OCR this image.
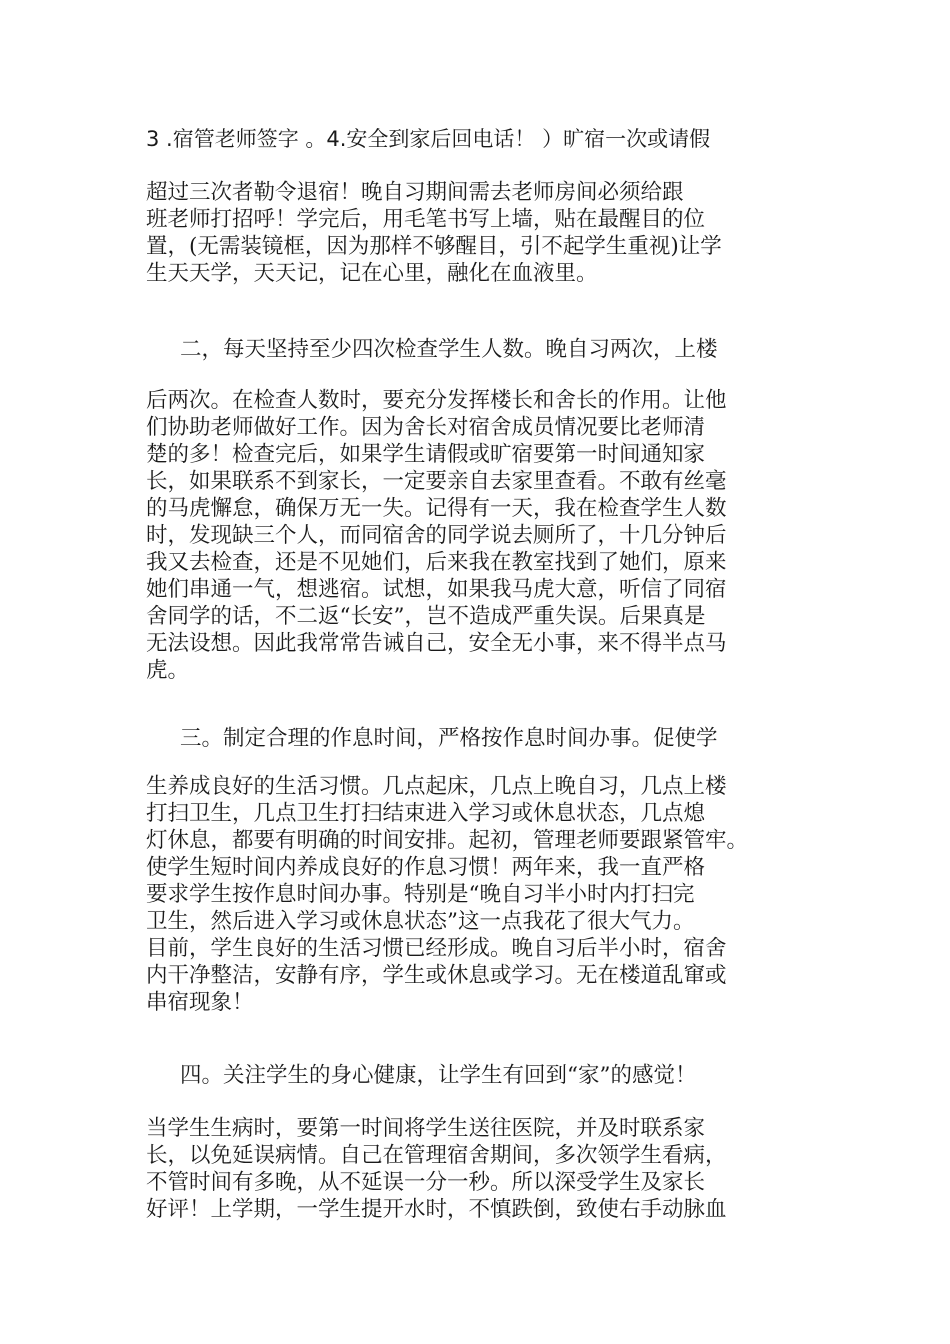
3 .宿管老师签字 。4.安全到家后回电话！ ）旷宿一次或请假

超过三次者勒令退宿！晚自习期间需去老师房间必须给跟

班老师打招呼！学完后，用毛笔书写上墙，贴在最醒目的位

置，(无需装镜框，因为那样不够醒目，引不起学生重视)让学

生天天学，天天记，记在心里，融化在血液里。

二，每天坚持至少四次检查学生人数。晚自习两次，上楼

后两次。在检查人数时，要充分发挥楼长和舍长的作用。让他

们协助老师做好工作。因为舍长对宿舍成员情况要比老师清

楚的多！检查完后，如果学生请假或旷宿要第一时间通知家

长，如果联系不到家长，一定要亲自去家里查看。不敢有丝毫

的马虎懈怠，确保万无一失。记得有一天，我在检查学生人数

时，发现缺三个人，而同宿舍的同学说去厕所了，十几分钟后

我又去检查，还是不见她们，后来我在教室找到了她们，原来

她们串通一气，想逃宿。试想，如果我马虎大意，听信了同宿

舍同学的话，不二返“长安”，岂不造成严重失误。后果真是

无法设想。因此我常常告诫自己，安全无小事，来不得半点马

虎。

三。制定合理的作息时间，严格按作息时间办事。促使学

生养成良好的生活习惯。几点起床，几点上晚自习，几点上楼

打扫卫生，几点卫生打扫结束进入学习或休息状态，几点熄

灯休息，都要有明确的时间安排。起初，管理老师要跟紧管牢。

使学生短时间内养成良好的作息习惯！两年来，我一直严格

要求学生按作息时间办事。特别是“晚自习半小时内打扫完

卫生，然后进入学习或休息状态”这一点我花了很大气力。

目前，学生良好的生活习惯已经形成。晚自习后半小时，宿舍

内干净整洁，安静有序，学生或休息或学习。无在楼道乱窜或

串宿现象！

四。关注学生的身心健康，让学生有回到“家”的感觉！

当学生生病时，要第一时间将学生送往医院，并及时联系家

长，以免延误病情。自己在管理宿舍期间，多次领学生看病，

不管时间有多晚，从不延误一分一秒。所以深受学生及家长

好评！上学期，一学生提开水时，不慎跌倒，致使右手动脉血
